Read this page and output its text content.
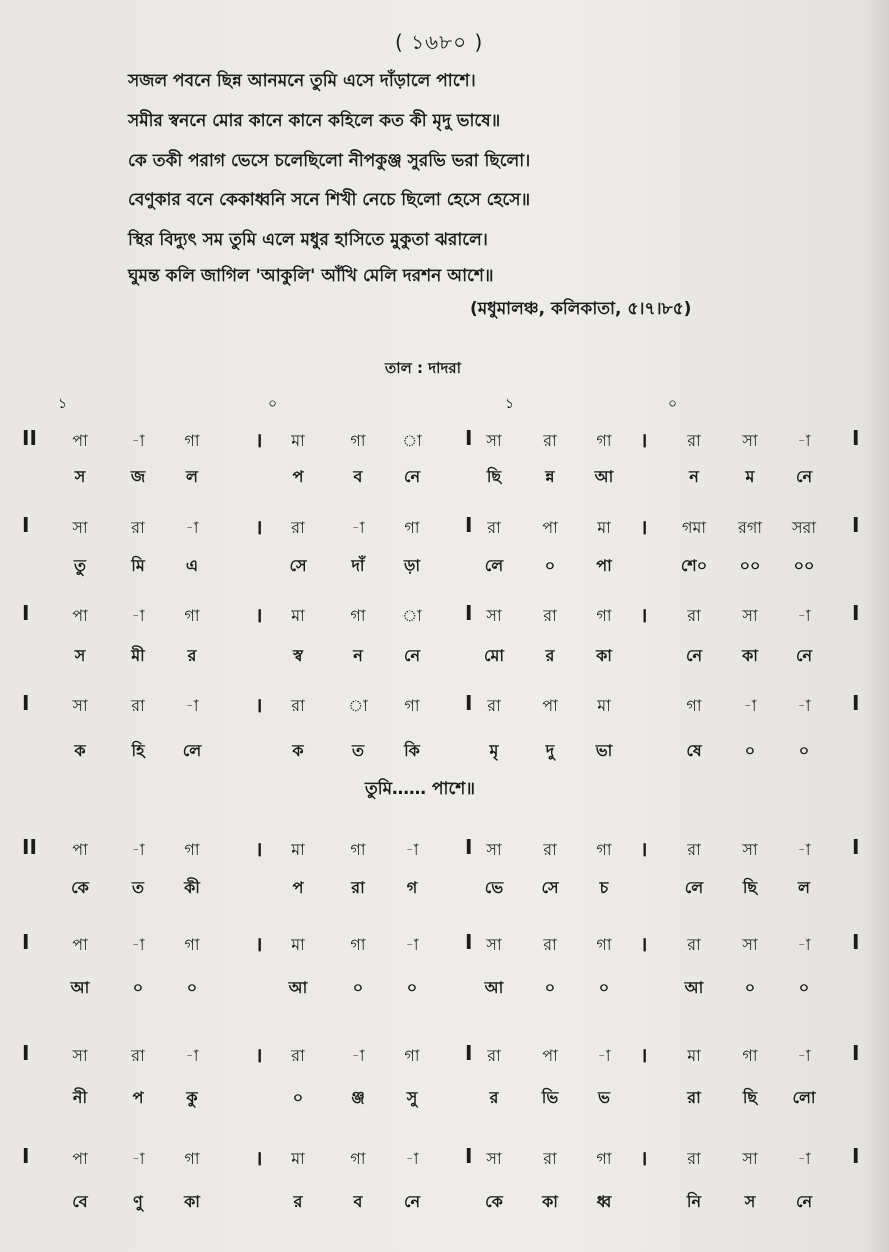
( ১৬৮০ )
সজল পবনে ছিন্ন আনমনে তুমি এসে দাঁড়ালে পাশে।
সমীর স্বননে মোর কানে কানে কহিলে কত কী মৃদু ভাষে॥
কে তকী পরাগ ভেসে চলেছিলো নীপকুঞ্জ সুরভি ভরা ছিলো।
বেণুকার বনে কেকাধ্বনি সনে শিখী নেচে ছিলো হেসে হেসে॥
স্থির বিদ্যুৎ সম তুমি এলে মধুর হাসিতে মুকুতা ঝরালে।
ঘুমন্ত কলি জাগিল 'আকুলি' আঁখি মেলি দরশন আশে॥
(মধুমালঞ্চ, কলিকাতা, ৫।৭।৮৫)
তাল : দাদরা
১	০	১	০
II	।	I	।	I
পা	-া	গা	মা	গা	া	সা	রা	গা	রা	সা	-া
স	জ	ল	প	ব	নে	ছি	ন্ন	আ	ন	ম	নে
I	।	I	।	I
সা	রা	-া	রা	-া	গা	রা	পা	মা	গমা	রগা	সরা
তু	মি	এ	সে	দাঁ	ড়া	লে	০	পা	শে০	০০	০০
I	।	I	।	I
পা	-া	গা	মা	গা	া	সা	রা	গা	রা	সা	-া
স	মী	র	স্ব	ন	নে	মো	র	কা	নে	কা	নে
I	।	I	I
সা	রা	-া	রা	া	গা	রা	পা	মা	গা	-া	-া
ক	হি	লে	ক	ত	কি	মৃ	দু	ভা	ষে	০	০
II	।	I	।	I
পা	-া	গা	মা	গা	-া	সা	রা	গা	রা	সা	-া
কে	ত	কী	প	রা	গ	ভে	সে	চ	লে	ছি	ল
I	।	I	।	I
পা	-া	গা	মা	গা	-া	সা	রা	গা	রা	সা	-া
আ	০	০	আ	০	০	আ	০	০	আ	০	০
I	।	I	।	I
সা	রা	-া	রা	-া	গা	রা	পা	-া	মা	গা	-া
নী	প	কু	০	ঞ্জ	সু	র	ভি	ভ	রা	ছি	লো
I	।	I	।	I
পা	-া	গা	মা	গা	-া	সা	রা	গা	রা	সা	-া
বে	ণু	কা	র	ব	নে	কে	কা	ধ্ব	নি	স	নে
তুমি…… পাশে॥
